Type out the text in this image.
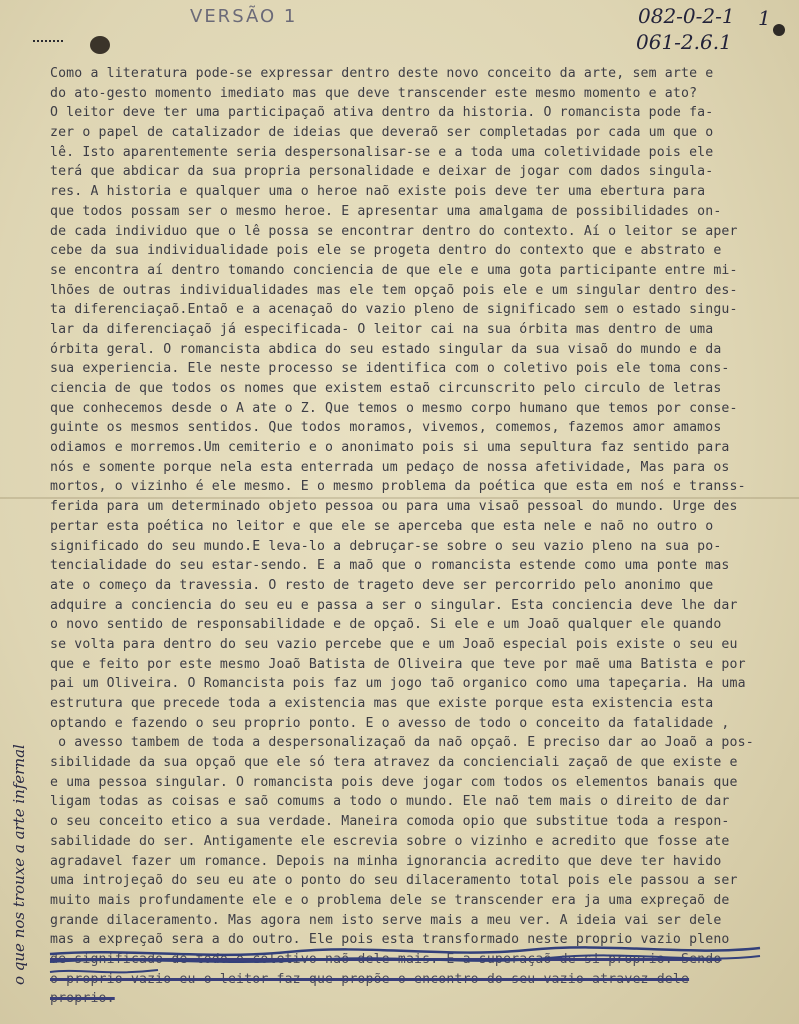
VERSÃO 1	082-0-2-1
061-2.6.1
1
o que nos trouxe a arte infernal
Como a literatura pode-se expressar dentro deste novo conceito da arte, sem arte e
do ato-gesto momento imediato mas que deve transcender este mesmo momento e ato?
O leitor deve ter uma participaçaõ ativa dentro da historia. O romancista pode fa-
zer o papel de catalizador de ideias que deveraõ ser completadas por cada um que o
lê. Isto aparentemente seria despersonalisar-se e a toda uma coletividade pois ele
terá que abdicar da sua propria personalidade e deixar de jogar com dados singula-
res. A historia e qualquer uma o heroe naõ existe pois deve ter uma ebertura para
que todos possam ser o mesmo heroe. E apresentar uma amalgama de possibilidades on-
de cada individuo que o lê possa se encontrar dentro do contexto. Aí o leitor se aper
cebe da sua individualidade pois ele se progeta dentro do contexto que e abstrato e
se encontra aí dentro tomando conciencia de que ele e uma gota participante entre mi-
lhões de outras individualidades mas ele tem opçaõ pois ele e um singular dentro des-
ta diferenciaçaõ.Entaõ e a acenaçaõ do vazio pleno de significado sem o estado singu-
lar da diferenciaçaõ já especificada- O leitor cai na sua órbita mas dentro de uma
órbita geral. O romancista abdica do seu estado singular da sua visaõ do mundo e da
sua experiencia. Ele neste processo se identifica com o coletivo pois ele toma cons-
ciencia de que todos os nomes que existem estaõ circunscrito pelo circulo de letras
que conhecemos desde o A ate o Z. Que temos o mesmo corpo humano que temos por conse-
guinte os mesmos sentidos. Que todos moramos, vivemos, comemos, fazemos amor amamos
odiamos e morremos.Um cemiterio e o anonimato pois si uma sepultura faz sentido para
nós e somente porque nela esta enterrada um pedaço de nossa afetividade, Mas para os
mortos, o vizinho é ele mesmo. E o mesmo problema da poética que esta em noś e transs-
ferida para um determinado objeto pessoa ou para uma visaõ pessoal do mundo. Urge des
pertar esta poética no leitor e que ele se aperceba que esta nele e naõ no outro o
significado do seu mundo.E leva-lo a debruçar-se sobre o seu vazio pleno na sua po-
tencialidade do seu estar-sendo. E a maõ que o romancista estende como uma ponte mas
ate o começo da travessia. O resto de trageto deve ser percorrido pelo anonimo que
adquire a conciencia do seu eu e passa a ser o singular. Esta conciencia deve lhe dar
o novo sentido de responsabilidade e de opçaõ. Si ele e um Joaõ qualquer ele quando
se volta para dentro do seu vazio percebe que e um Joaõ especial pois existe o seu eu
que e feito por este mesmo Joaõ Batista de Oliveira que teve por maẽ uma Batista e por
pai um Oliveira. O Romancista pois faz um jogo taõ organico como uma tapeçaria. Ha uma
estrutura que precede toda a existencia mas que existe porque esta existencia esta
optando e fazendo o seu proprio ponto. E o avesso de todo o conceito da fatalidade ,
o avesso tambem de toda a despersonalizaçaõ da naõ opçaõ. E preciso dar ao Joaõ a pos-
sibilidade da sua opçaõ que ele só tera atravez da concienciali zaçaõ de que existe e
e uma pessoa singular. O romancista pois deve jogar com todos os elementos banais que
ligam todas as coisas e saõ comums a todo o mundo. Ele naõ tem mais o direito de dar
o seu conceito etico a sua verdade. Maneira comoda opio que substitue toda a respon-
sabilidade do ser. Antigamente ele escrevia sobre o vizinho e acredito que fosse ate
agradavel fazer um romance. Depois na minha ignorancia acredito que deve ter havido
uma introjeçaõ do seu eu ate o ponto do seu dilaceramento total pois ele passou a ser
muito mais profundamente ele e o problema dele se transcender era ja uma expreçaõ de
grande dilaceramento. Mas agora nem isto serve mais a meu ver. A ideia vai ser dele
mas a expreçaõ sera a do outro. Ele pois esta transformado neste proprio vazio pleno
de significado de todo o coletivo naõ dele mais. E a superaçaõ de si proprio. Sendo
o proprio vazio eu o leitor faz que propõe o encontro do seu vazio atravez dele
proprio.
